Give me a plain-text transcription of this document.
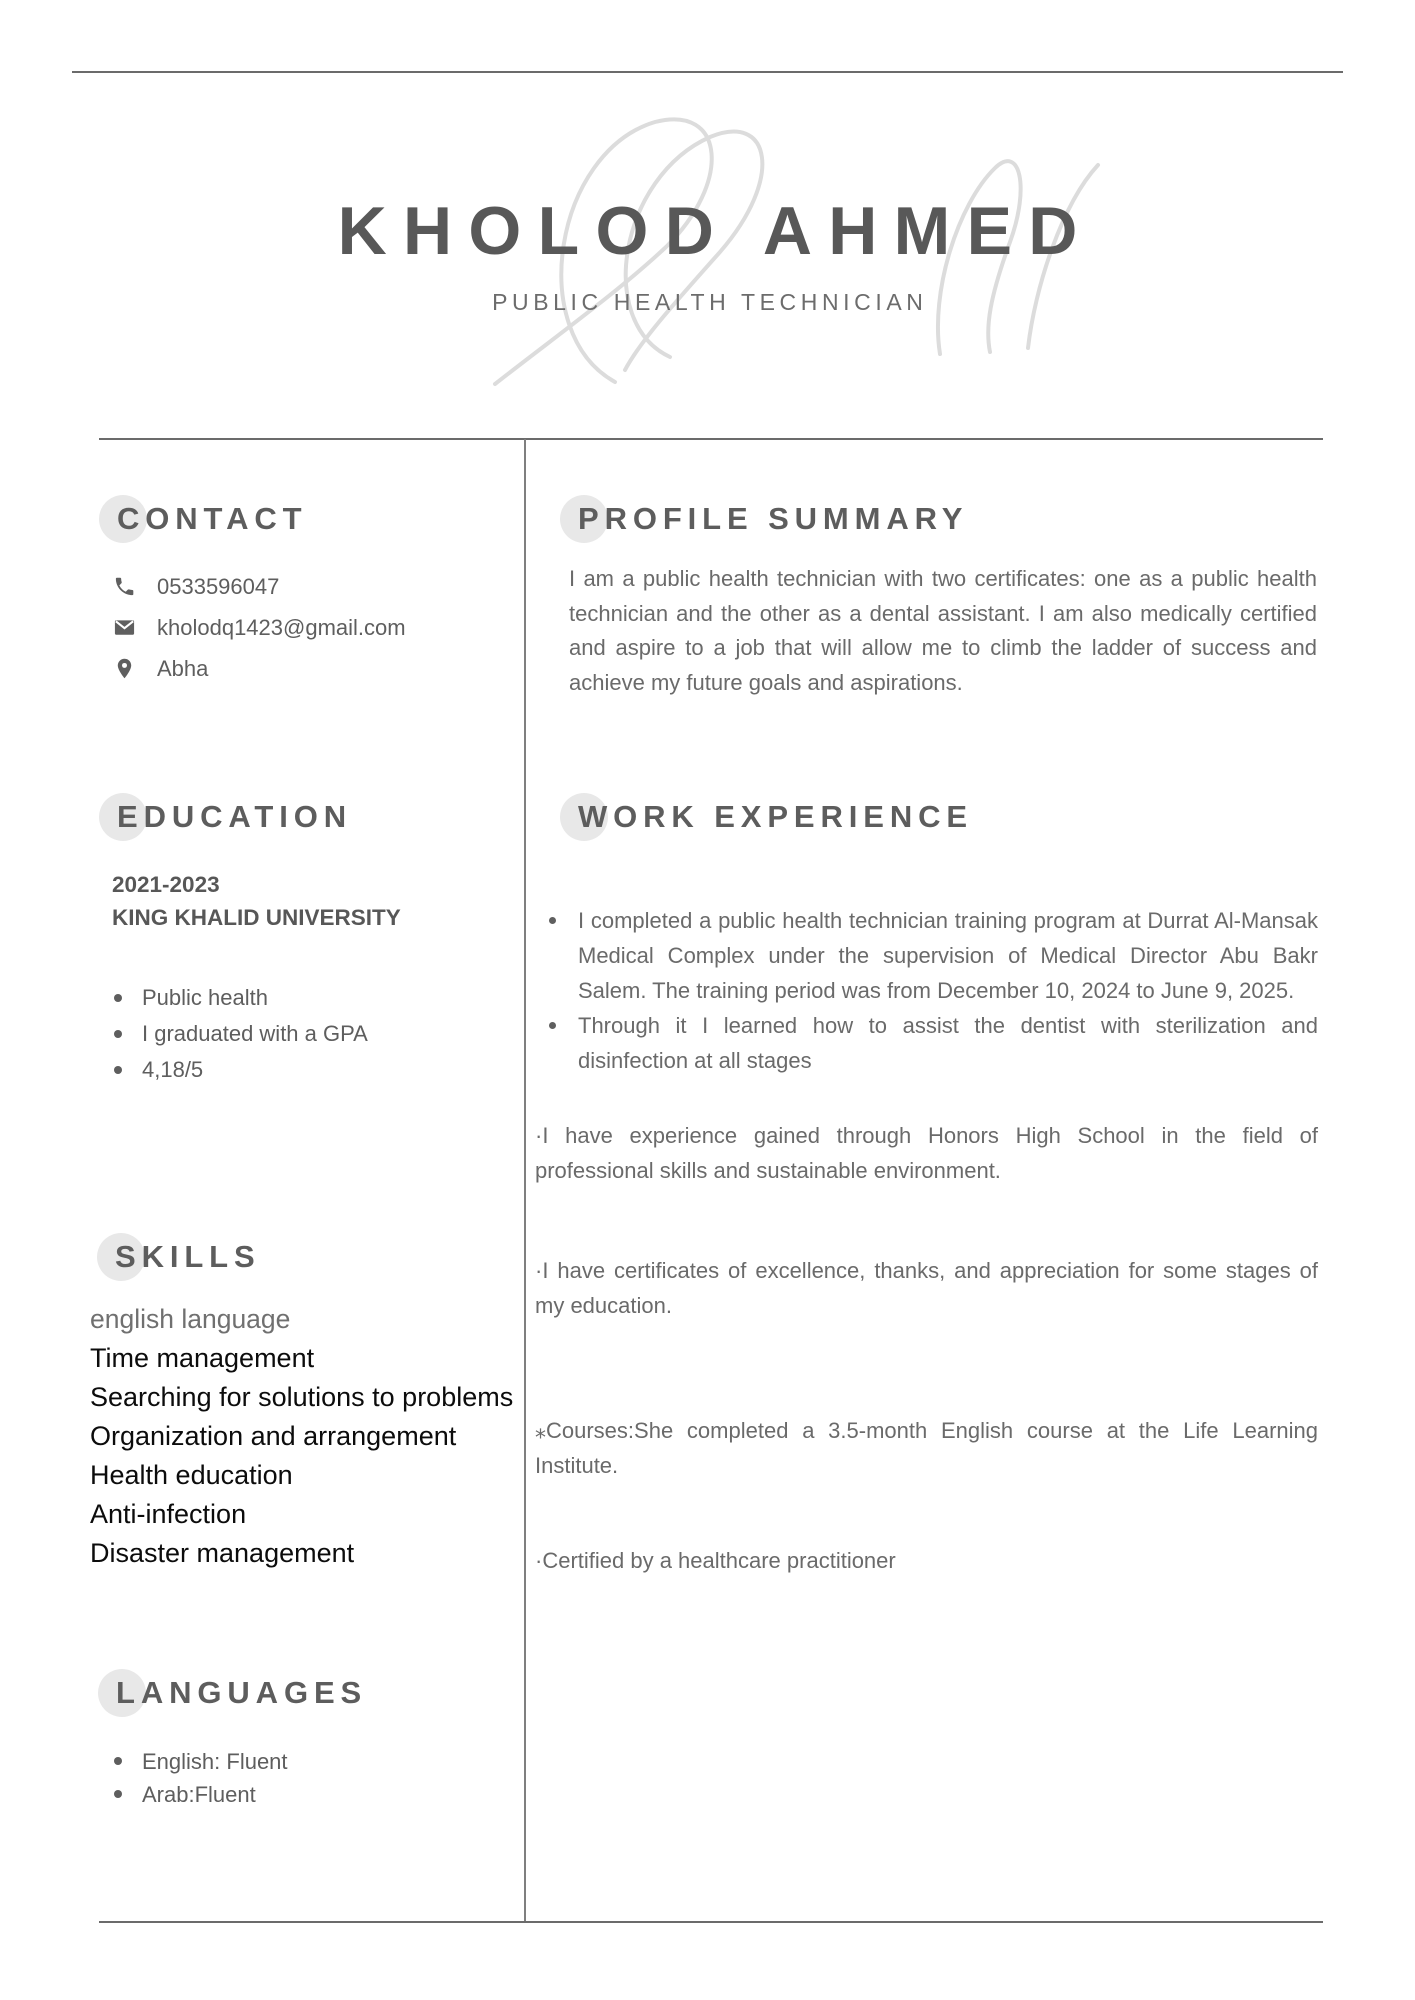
KHOLOD AHMED
PUBLIC HEALTH TECHNICIAN
CONTACT
0533596047
kholodq1423@gmail.com
Abha
PROFILE SUMMARY
I am a public health technician with two certificates: one as a public health technician and the other as a dental assistant. I am also medically certified and aspire to a job that will allow me to climb the ladder of success and achieve my future goals and aspirations.
EDUCATION
2021-2023
KING KHALID UNIVERSITY
Public health
I graduated with a GPA
4,18/5
WORK EXPERIENCE
I completed a public health technician training program at Durrat Al-Mansak Medical Complex under the supervision of Medical Director Abu Bakr Salem. The training period was from December 10, 2024 to June 9, 2025.
Through it I learned how to assist the dentist with sterilization and disinfection at all stages
·I have experience gained through Honors High School in the field of professional skills and sustainable environment.
·I have certificates of excellence, thanks, and appreciation for some stages of my education.
⁎Courses:She completed a 3.5-month English course at the Life Learning Institute.
·Certified by a healthcare practitioner
SKILLS
english language
Time management
Searching for solutions to problems
Organization and arrangement
Health education
Anti-infection
Disaster management
LANGUAGES
English: Fluent
Arab:Fluent
